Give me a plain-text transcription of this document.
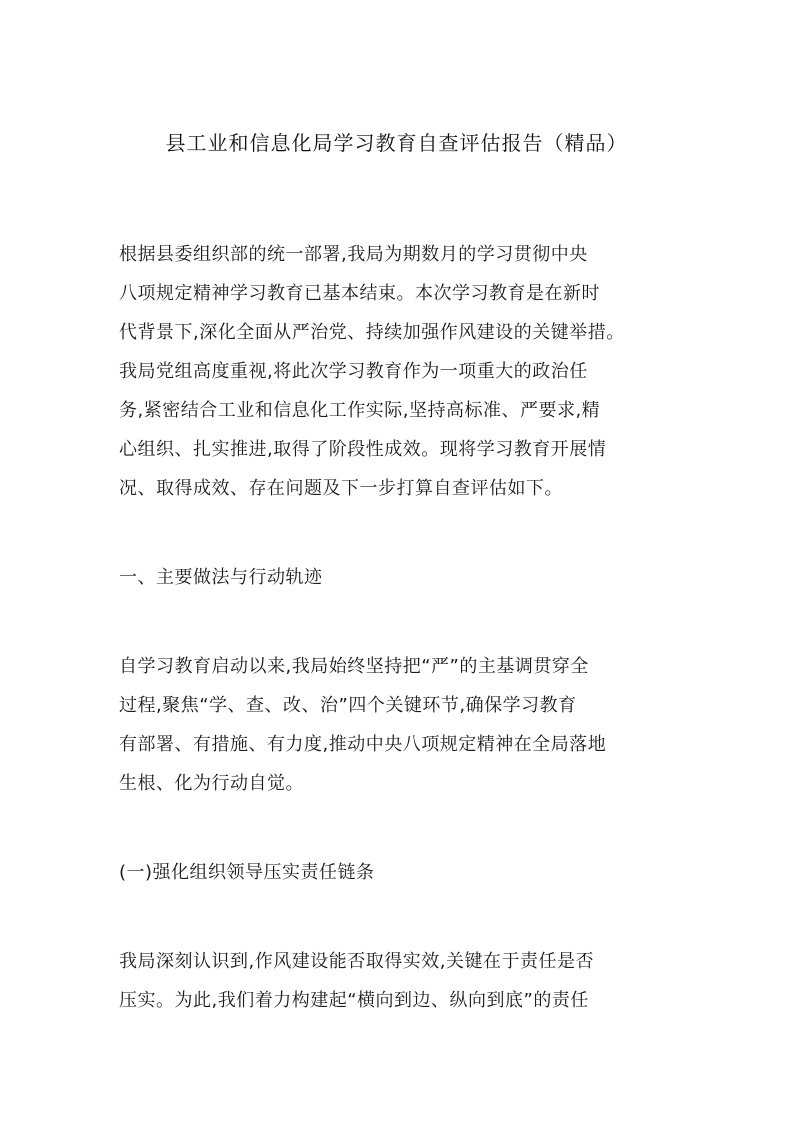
县工业和信息化局学习教育自查评估报告（精品）
根据县委组织部的统一部署,我局为期数月的学习贯彻中央
八项规定精神学习教育已基本结束。本次学习教育是在新时
代背景下,深化全面从严治党、持续加强作风建设的关键举措。
我局党组高度重视,将此次学习教育作为一项重大的政治任
务,紧密结合工业和信息化工作实际,坚持高标准、严要求,精
心组织、扎实推进,取得了阶段性成效。现将学习教育开展情
况、取得成效、存在问题及下一步打算自查评估如下。
一、主要做法与行动轨迹
自学习教育启动以来,我局始终坚持把“严”的主基调贯穿全
过程,聚焦“学、查、改、治”四个关键环节,确保学习教育
有部署、有措施、有力度,推动中央八项规定精神在全局落地
生根、化为行动自觉。
(一)强化组织领导压实责任链条
我局深刻认识到,作风建设能否取得实效,关键在于责任是否
压实。为此,我们着力构建起“横向到边、纵向到底”的责任
